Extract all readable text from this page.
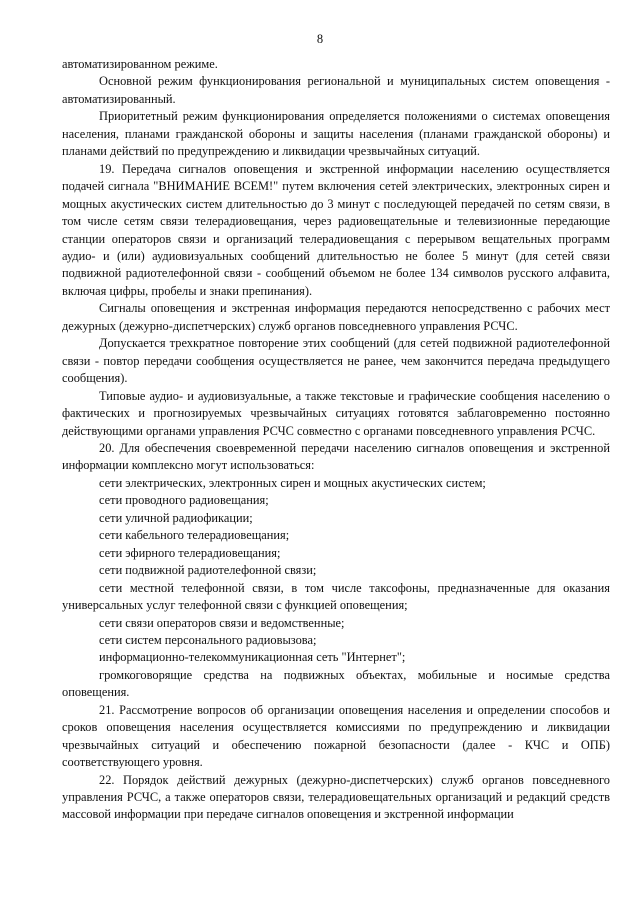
8

автоматизированном режиме.

Основной режим функционирования региональной и муниципальных систем оповещения - автоматизированный.

Приоритетный режим функционирования определяется положениями о системах оповещения населения, планами гражданской обороны и защиты населения (планами гражданской обороны) и планами действий по предупреждению и ликвидации чрезвычайных ситуаций.

19. Передача сигналов оповещения и экстренной информации населению осуществляется подачей сигнала "ВНИМАНИЕ ВСЕМ!" путем включения сетей электрических, электронных сирен и мощных акустических систем длительностью до 3 минут с последующей передачей по сетям связи, в том числе сетям связи телерадиовещания, через радиовещательные и телевизионные передающие станции операторов связи и организаций телерадиовещания с перерывом вещательных программ аудио- и (или) аудиовизуальных сообщений длительностью не более 5 минут (для сетей связи подвижной радиотелефонной связи - сообщений объемом не более 134 символов русского алфавита, включая цифры, пробелы и знаки препинания).

Сигналы оповещения и экстренная информация передаются непосредственно с рабочих мест дежурных (дежурно-диспетчерских) служб органов повседневного управления РСЧС.

Допускается трехкратное повторение этих сообщений (для сетей подвижной радиотелефонной связи - повтор передачи сообщения осуществляется не ранее, чем закончится передача предыдущего сообщения).

Типовые аудио- и аудиовизуальные, а также текстовые и графические сообщения населению о фактических и прогнозируемых чрезвычайных ситуациях готовятся заблаговременно постоянно действующими органами управления РСЧС совместно с органами повседневного управления РСЧС.

20. Для обеспечения своевременной передачи населению сигналов оповещения и экстренной информации комплексно могут использоваться:

сети электрических, электронных сирен и мощных акустических систем;
сети проводного радиовещания;
сети уличной радиофикации;
сети кабельного телерадиовещания;
сети эфирного телерадиовещания;
сети подвижной радиотелефонной связи;
сети местной телефонной связи, в том числе таксофоны, предназначенные для оказания универсальных услуг телефонной связи с функцией оповещения;
сети связи операторов связи и ведомственные;
сети систем персонального радиовызова;
информационно-телекоммуникационная сеть "Интернет";
громкоговорящие средства на подвижных объектах, мобильные и носимые средства оповещения.

21. Рассмотрение вопросов об организации оповещения населения и определении способов и сроков оповещения населения осуществляется комиссиями по предупреждению и ликвидации чрезвычайных ситуаций и обеспечению пожарной безопасности (далее - КЧС и ОПБ) соответствующего уровня.

22. Порядок действий дежурных (дежурно-диспетчерских) служб органов повседневного управления РСЧС, а также операторов связи, телерадиовещательных организаций и редакций средств массовой информации при передаче сигналов оповещения и экстренной информации
